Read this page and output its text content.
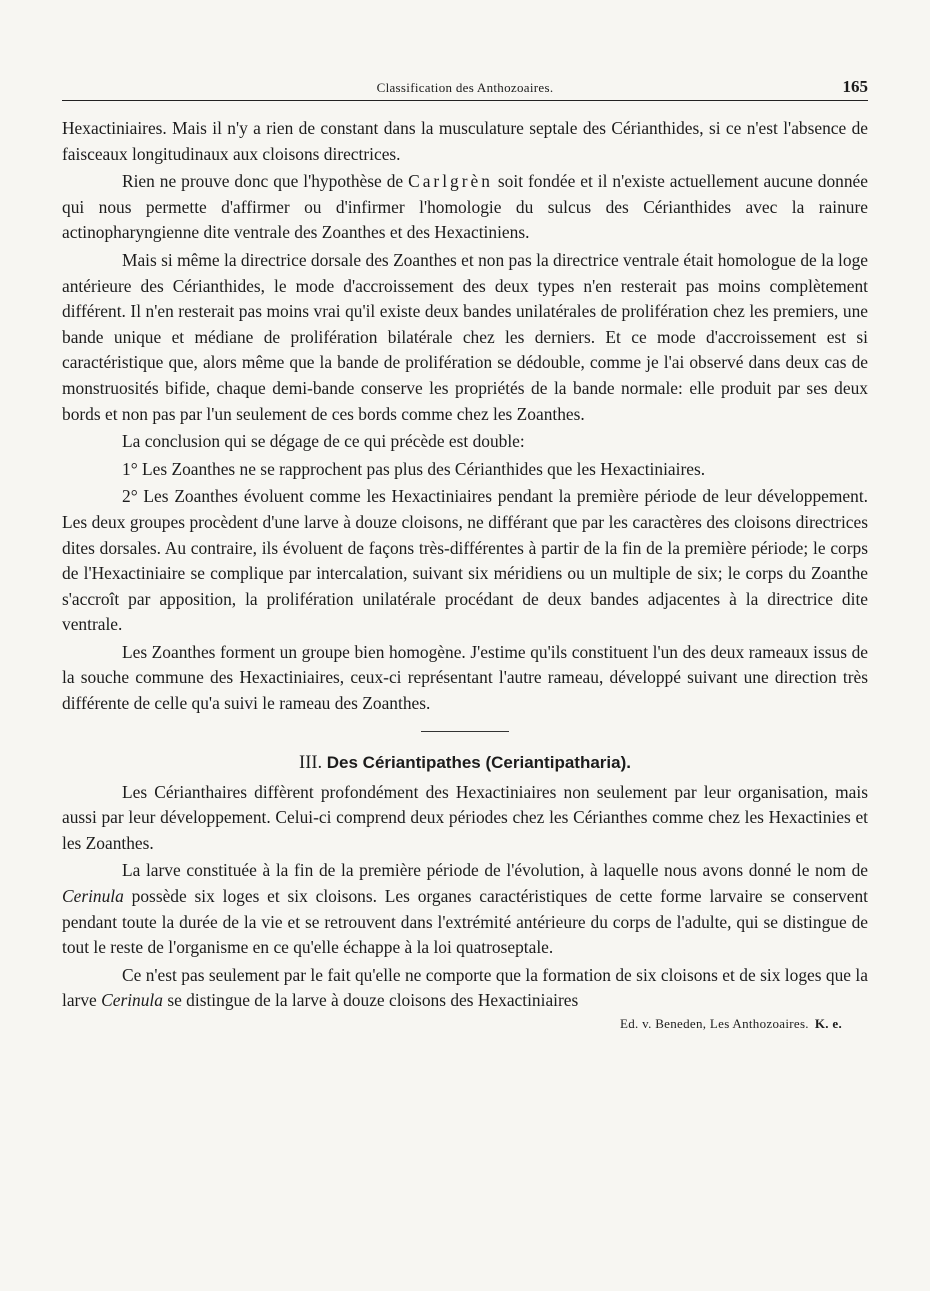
Classification des Anthozoaires.	165

Hexactiniaires. Mais il n'y a rien de constant dans la musculature septale des Cérianthides, si ce n'est l'absence de faisceaux longitudinaux aux cloisons directrices.

Rien ne prouve donc que l'hypothèse de Carlgrèn soit fondée et il n'existe actuellement aucune donnée qui nous permette d'affirmer ou d'infirmer l'homologie du sulcus des Cérianthides avec la rainure actinopharyngienne dite ventrale des Zoanthes et des Hexactiniens.

Mais si même la directrice dorsale des Zoanthes et non pas la directrice ventrale était homologue de la loge antérieure des Cérianthides, le mode d'accroissement des deux types n'en resterait pas moins complètement différent. Il n'en resterait pas moins vrai qu'il existe deux bandes unilatérales de prolifération chez les premiers, une bande unique et médiane de prolifération bilatérale chez les derniers. Et ce mode d'accroissement est si caractéristique que, alors même que la bande de prolifération se dédouble, comme je l'ai observé dans deux cas de monstruosités bifide, chaque demi-bande conserve les propriétés de la bande normale: elle produit par ses deux bords et non pas par l'un seulement de ces bords comme chez les Zoanthes.

La conclusion qui se dégage de ce qui précède est double:

1° Les Zoanthes ne se rapprochent pas plus des Cérianthides que les Hexactiniaires.

2° Les Zoanthes évoluent comme les Hexactiniaires pendant la première période de leur développement. Les deux groupes procèdent d'une larve à douze cloisons, ne différant que par les caractères des cloisons directrices dites dorsales. Au contraire, ils évoluent de façons très-différentes à partir de la fin de la première période; le corps de l'Hexactiniaire se complique par intercalation, suivant six méridiens ou un multiple de six; le corps du Zoanthe s'accroît par apposition, la prolifération unilatérale procédant de deux bandes adjacentes à la directrice dite ventrale.

Les Zoanthes forment un groupe bien homogène. J'estime qu'ils constituent l'un des deux rameaux issus de la souche commune des Hexactiniaires, ceux-ci représentant l'autre rameau, développé suivant une direction très différente de celle qu'a suivi le rameau des Zoanthes.

III. Des Cériantipathes (Ceriantipatharia).

Les Cérianthaires diffèrent profondément des Hexactiniaires non seulement par leur organisation, mais aussi par leur développement. Celui-ci comprend deux périodes chez les Cérianthes comme chez les Hexactinies et les Zoanthes.

La larve constituée à la fin de la première période de l'évolution, à laquelle nous avons donné le nom de Cerinula possède six loges et six cloisons. Les organes caractéristiques de cette forme larvaire se conservent pendant toute la durée de la vie et se retrouvent dans l'extrémité antérieure du corps de l'adulte, qui se distingue de tout le reste de l'organisme en ce qu'elle échappe à la loi quatroseptale.

Ce n'est pas seulement par le fait qu'elle ne comporte que la formation de six cloisons et de six loges que la larve Cerinula se distingue de la larve à douze cloisons des Hexactiniaires

Ed. v. Beneden, Les Anthozoaires. K. e.
